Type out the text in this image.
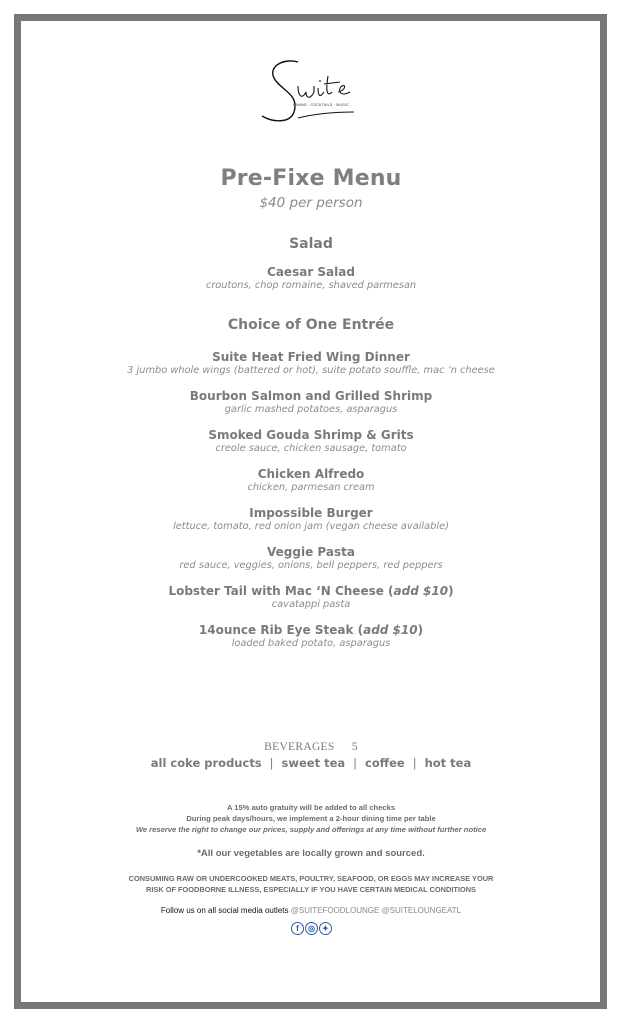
DINING · COCKTAILS · MUSIC
Pre-Fixe Menu
$40 per person
Salad
Caesar Salad
croutons, chop romaine, shaved parmesan
Choice of One Entrée
Suite Heat Fried Wing Dinner
3 jumbo whole wings (battered or hot), suite potato souffle, mac ‘n cheese
Bourbon Salmon and Grilled Shrimp
garlic mashed potatoes, asparagus
Smoked Gouda Shrimp & Grits
creole sauce, chicken sausage, tomato
Chicken Alfredo
chicken, parmesan cream
Impossible Burger
lettuce, tomato, red onion jam (vegan cheese available)
Veggie Pasta
red sauce, veggies, onions, bell peppers, red peppers
Lobster Tail with Mac ‘N Cheese (add $10)
cavatappi pasta
14ounce Rib Eye Steak (add $10)
loaded baked potato, asparagus
BEVERAGES 5
all coke products | sweet tea | coffee | hot tea
A 15% auto gratuity will be added to all checks
During peak days/hours, we implement a 2-hour dining time per table
We reserve the right to change our prices, supply and offerings at any time without further notice
*All our vegetables are locally grown and sourced.
CONSUMING RAW OR UNDERCOOKED MEATS, POULTRY, SEAFOOD, OR EGGS MAY INCREASE YOUR
RISK OF FOODBORNE ILLNESS, ESPECIALLY IF YOU HAVE CERTAIN MEDICAL CONDITIONS
Follow us on all social media outlets @SUITEFOODLOUNGE @SUITELOUNGEATL
f	◎ ✦
